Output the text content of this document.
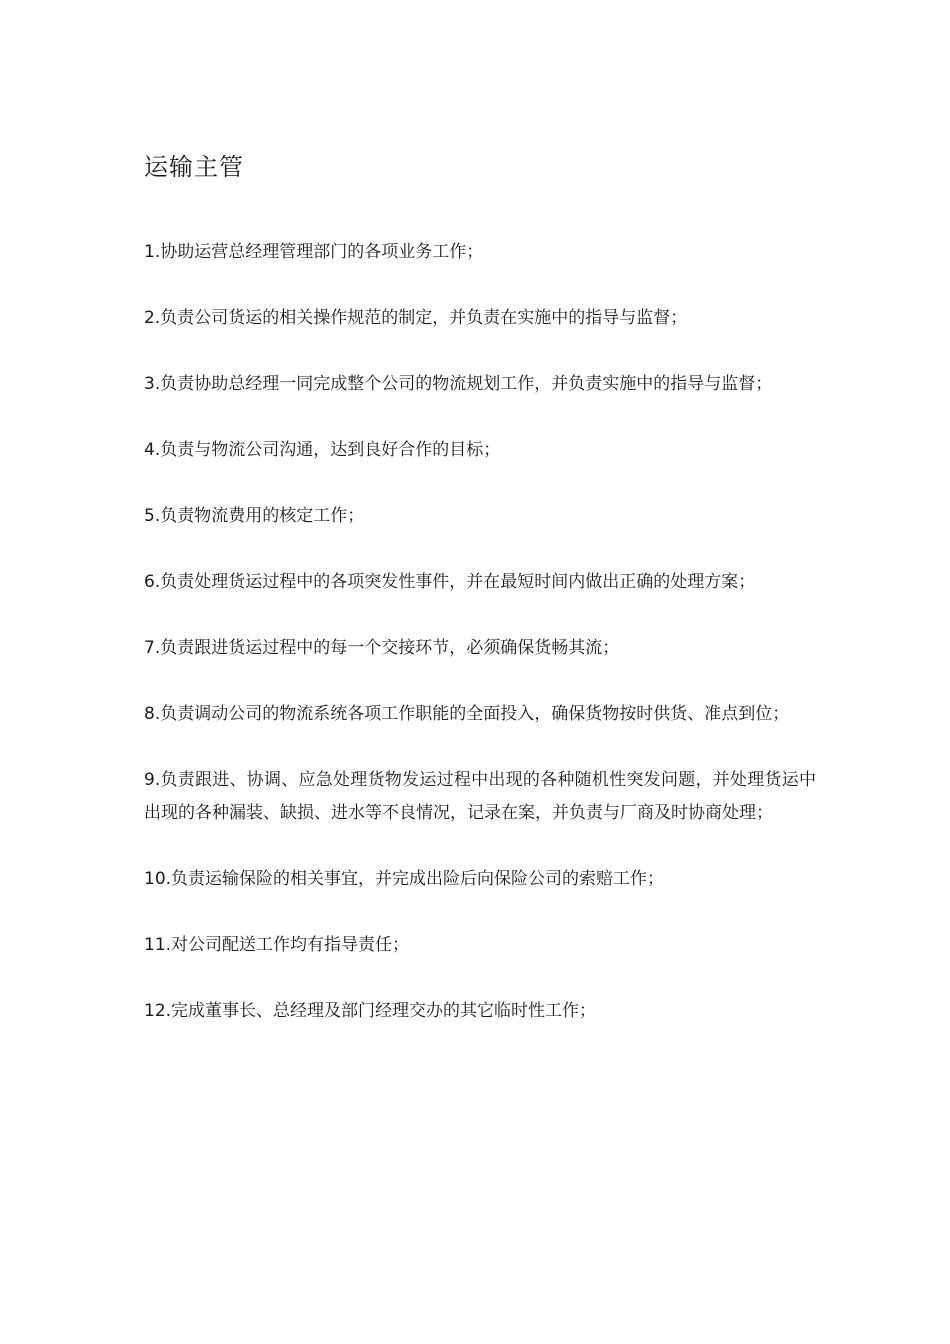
运输主管
1.协助运营总经理管理部门的各项业务工作；
2.负责公司货运的相关操作规范的制定，并负责在实施中的指导与监督；
3.负责协助总经理一同完成整个公司的物流规划工作，并负责实施中的指导与监督；
4.负责与物流公司沟通，达到良好合作的目标；
5.负责物流费用的核定工作；
6.负责处理货运过程中的各项突发性事件，并在最短时间内做出正确的处理方案；
7.负责跟进货运过程中的每一个交接环节，必须确保货畅其流；
8.负责调动公司的物流系统各项工作职能的全面投入，确保货物按时供货、准点到位；
9.负责跟进、协调、应急处理货物发运过程中出现的各种随机性突发问题，并处理货运中出现的各种漏装、缺损、进水等不良情况，记录在案，并负责与厂商及时协商处理；
10.负责运输保险的相关事宜，并完成出险后向保险公司的索赔工作；
11.对公司配送工作均有指导责任；
12.完成董事长、总经理及部门经理交办的其它临时性工作；
